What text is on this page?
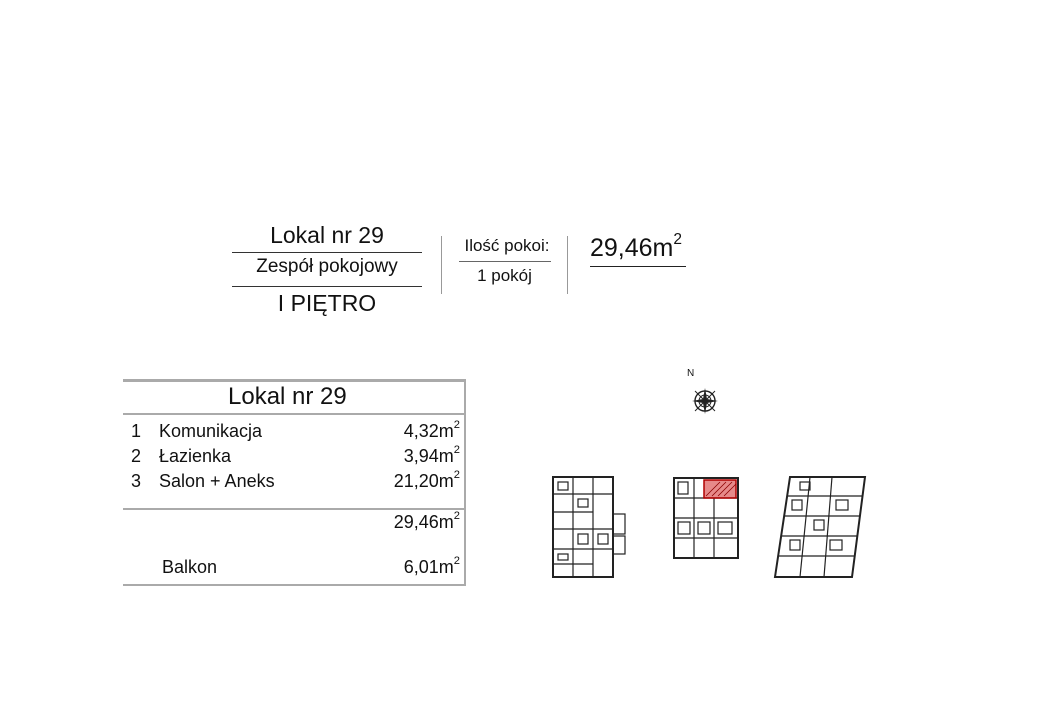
Lokal nr 29
Zespół pokojowy
I PIĘTRO
Ilość pokoi:
1 pokój
$29,46m^2$
Lokal nr 29
1 Komunikacja	$4,32m^2$
2 Łazienka	$3,94m^2$
3 Salon + Aneks	$21,20m^2$
$29,46m^2$
Balkon	$6,01m^2$
N
